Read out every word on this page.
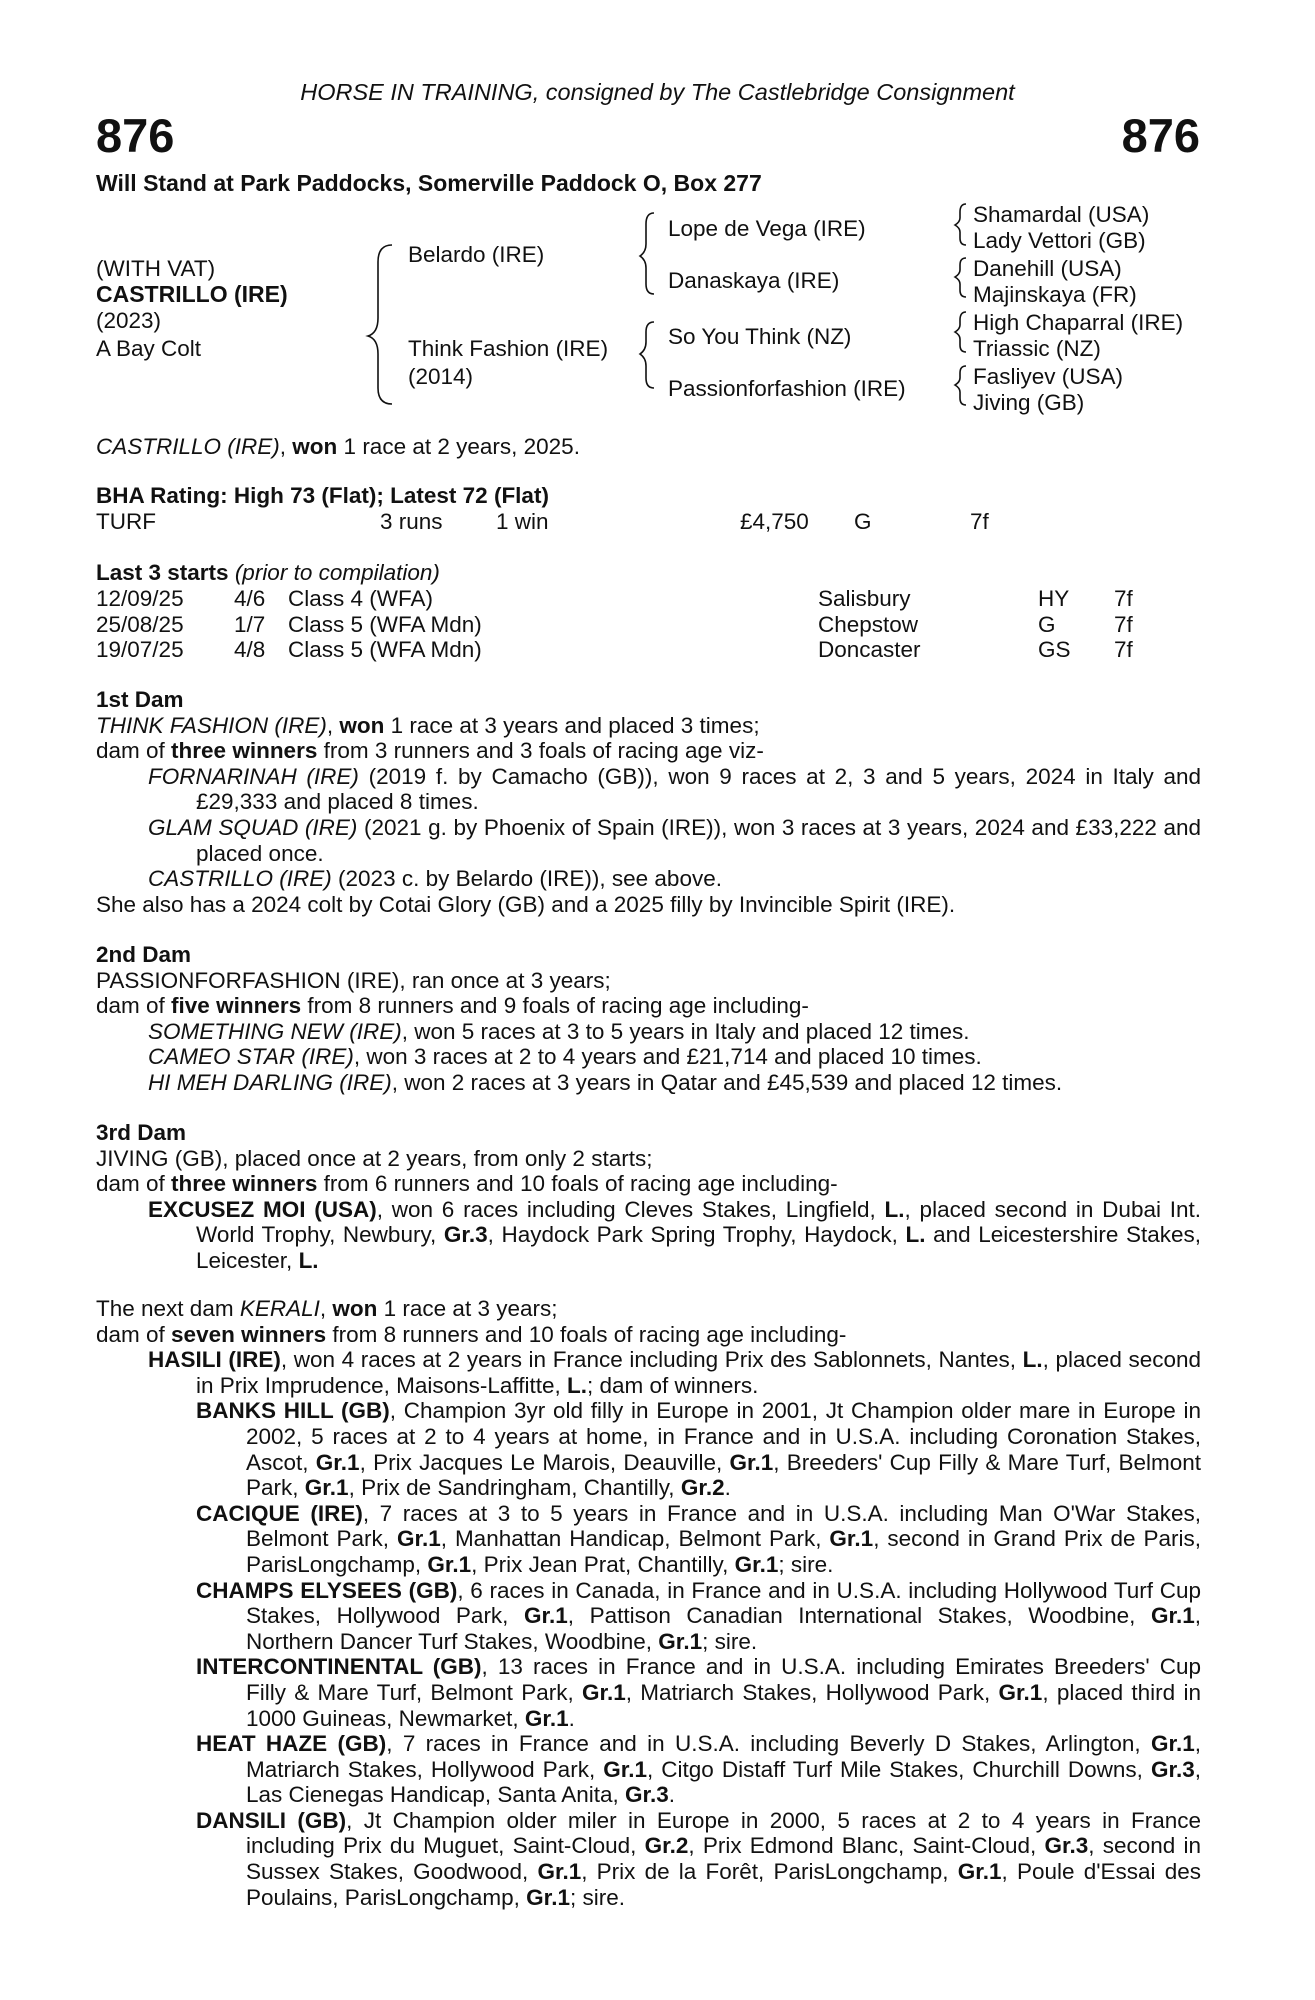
HORSE IN TRAINING, consigned by The Castlebridge Consignment
876	876
Will Stand at Park Paddocks, Somerville Paddock O, Box 277
(WITH VAT)
CASTRILLO (IRE)
(2023)
A Bay Colt
Belardo (IRE)
Think Fashion (IRE)
(2014)
Lope de Vega (IRE)
Danaskaya (IRE)
So You Think (NZ)
Passionforfashion (IRE)
Shamardal (USA)
Lady Vettori (GB)
Danehill (USA)
Majinskaya (FR)
High Chaparral (IRE)
Triassic (NZ)
Fasliyev (USA)
Jiving (GB)
CASTRILLO (IRE), won 1 race at 2 years, 2025.
BHA Rating: High 73 (Flat); Latest 72 (Flat)
TURF	3 runs 1 win	£4,750 G	7f
Last 3 starts (prior to compilation)
12/09/25 4/6 Class 4 (WFA)	Salisbury	HY 7f
25/08/25 1/7 Class 5 (WFA Mdn)	Chepstow	G	7f
19/07/25 4/8 Class 5 (WFA Mdn)	Doncaster	GS 7f
1st Dam
THINK FASHION (IRE), won 1 race at 3 years and placed 3 times;
dam of three winners from 3 runners and 3 foals of racing age viz-
FORNARINAH (IRE) (2019 f. by Camacho (GB)), won 9 races at 2, 3 and 5 years, 2024 in Italy and £29,333 and placed 8 times.
GLAM SQUAD (IRE) (2021 g. by Phoenix of Spain (IRE)), won 3 races at 3 years, 2024 and £33,222 and placed once.
CASTRILLO (IRE) (2023 c. by Belardo (IRE)), see above.
She also has a 2024 colt by Cotai Glory (GB) and a 2025 filly by Invincible Spirit (IRE).
2nd Dam
PASSIONFORFASHION (IRE), ran once at 3 years;
dam of five winners from 8 runners and 9 foals of racing age including-
SOMETHING NEW (IRE), won 5 races at 3 to 5 years in Italy and placed 12 times.
CAMEO STAR (IRE), won 3 races at 2 to 4 years and £21,714 and placed 10 times.
HI MEH DARLING (IRE), won 2 races at 3 years in Qatar and £45,539 and placed 12 times.
3rd Dam
JIVING (GB), placed once at 2 years, from only 2 starts;
dam of three winners from 6 runners and 10 foals of racing age including-
EXCUSEZ MOI (USA), won 6 races including Cleves Stakes, Lingfield, L., placed second in Dubai Int. World Trophy, Newbury, Gr.3, Haydock Park Spring Trophy, Haydock, L. and Leicestershire Stakes, Leicester, L.
The next dam KERALI, won 1 race at 3 years;
dam of seven winners from 8 runners and 10 foals of racing age including-
HASILI (IRE), won 4 races at 2 years in France including Prix des Sablonnets, Nantes, L., placed second in Prix Imprudence, Maisons-Laffitte, L.; dam of winners.
BANKS HILL (GB), Champion 3yr old filly in Europe in 2001, Jt Champion older mare in Europe in 2002, 5 races at 2 to 4 years at home, in France and in U.S.A. including Coronation Stakes, Ascot, Gr.1, Prix Jacques Le Marois, Deauville, Gr.1, Breeders' Cup Filly & Mare Turf, Belmont Park, Gr.1, Prix de Sandringham, Chantilly, Gr.2.
CACIQUE (IRE), 7 races at 3 to 5 years in France and in U.S.A. including Man O'War Stakes, Belmont Park, Gr.1, Manhattan Handicap, Belmont Park, Gr.1, second in Grand Prix de Paris, ParisLongchamp, Gr.1, Prix Jean Prat, Chantilly, Gr.1; sire.
CHAMPS ELYSEES (GB), 6 races in Canada, in France and in U.S.A. including Hollywood Turf Cup Stakes, Hollywood Park, Gr.1, Pattison Canadian International Stakes, Woodbine, Gr.1, Northern Dancer Turf Stakes, Woodbine, Gr.1; sire.
INTERCONTINENTAL (GB), 13 races in France and in U.S.A. including Emirates Breeders' Cup Filly & Mare Turf, Belmont Park, Gr.1, Matriarch Stakes, Hollywood Park, Gr.1, placed third in 1000 Guineas, Newmarket, Gr.1.
HEAT HAZE (GB), 7 races in France and in U.S.A. including Beverly D Stakes, Arlington, Gr.1, Matriarch Stakes, Hollywood Park, Gr.1, Citgo Distaff Turf Mile Stakes, Churchill Downs, Gr.3, Las Cienegas Handicap, Santa Anita, Gr.3.
DANSILI (GB), Jt Champion older miler in Europe in 2000, 5 races at 2 to 4 years in France including Prix du Muguet, Saint-Cloud, Gr.2, Prix Edmond Blanc, Saint-Cloud, Gr.3, second in Sussex Stakes, Goodwood, Gr.1, Prix de la Forêt, ParisLongchamp, Gr.1, Poule d'Essai des Poulains, ParisLongchamp, Gr.1; sire.
